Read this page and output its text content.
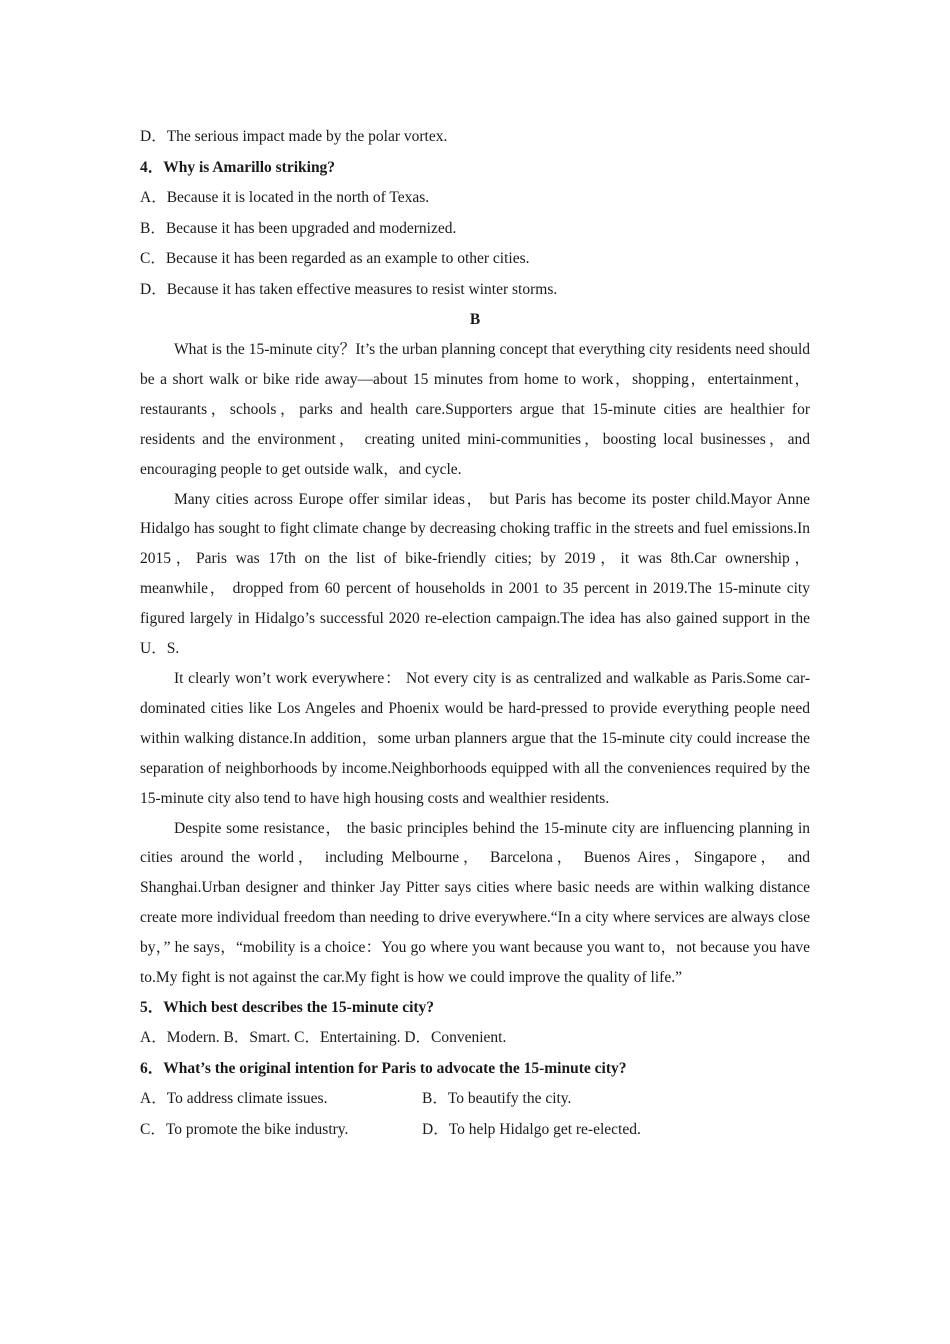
D．The serious impact made by the polar vortex.
4．Why is Amarillo striking?
A．Because it is located in the north of Texas.
B．Because it has been upgraded and modernized.
C．Because it has been regarded as an example to other cities.
D．Because it has taken effective measures to resist winter storms.
B
What is the 15-minute city？It’s the urban planning concept that everything city residents need should be a short walk or bike ride away—about 15 minutes from home to work，shopping，entertainment，restaurants，schools，parks and health care.Supporters argue that 15-minute cities are healthier for residents and the environment， creating united mini-communities，boosting local businesses，and encouraging people to get outside walk，and cycle.
Many cities across Europe offer similar ideas， but Paris has become its poster child.Mayor Anne Hidalgo has sought to fight climate change by decreasing choking traffic in the streets and fuel emissions.In 2015，Paris was 17th on the list of bike-friendly cities; by 2019，it was 8th.Car ownership， meanwhile， dropped from 60 percent of households in 2001 to 35 percent in 2019.The 15-minute city figured largely in Hidalgo’s successful 2020 re-election campaign.The idea has also gained support in the U．S.
It clearly won’t work everywhere： Not every city is as centralized and walkable as Paris.Some car-dominated cities like Los Angeles and Phoenix would be hard-pressed to provide everything people need within walking distance.In addition，some urban planners argue that the 15-minute city could increase the separation of neighborhoods by income.Neighborhoods equipped with all the conveniences required by the 15-minute city also tend to have high housing costs and wealthier residents.
Despite some resistance， the basic principles behind the 15-minute city are influencing planning in cities around the world， including Melbourne， Barcelona， Buenos Aires，Singapore， and Shanghai.Urban designer and thinker Jay Pitter says cities where basic needs are within walking distance create more individual freedom than needing to drive everywhere.“In a city where services are always close by，” he says，“mobility is a choice：You go where you want because you want to，not because you have to.My fight is not against the car.My fight is how we could improve the quality of life.”
5．Which best describes the 15-minute city?
A．Modern. B．Smart. C．Entertaining. D．Convenient.
6．What’s the original intention for Paris to advocate the 15-minute city?
A．To address climate issues.	B．To beautify the city.
C．To promote the bike industry.	D．To help Hidalgo get re-elected.
